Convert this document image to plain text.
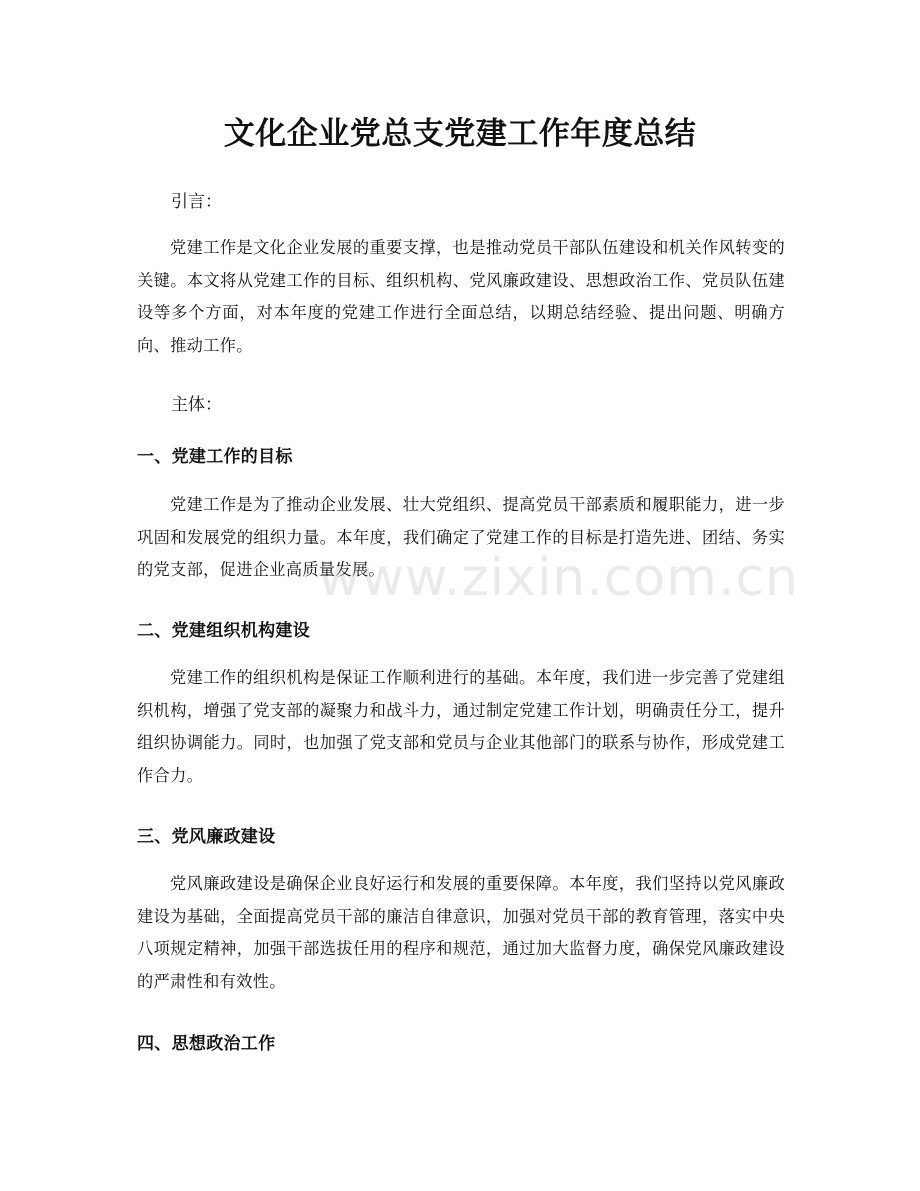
文化企业党总支党建工作年度总结

引言：

党建工作是文化企业发展的重要支撑，也是推动党员干部队伍建设和机关作风转变的关键。本文将从党建工作的目标、组织机构、党风廉政建设、思想政治工作、党员队伍建设等多个方面，对本年度的党建工作进行全面总结，以期总结经验、提出问题、明确方向、推动工作。

主体：

一、党建工作的目标

党建工作是为了推动企业发展、壮大党组织、提高党员干部素质和履职能力，进一步巩固和发展党的组织力量。本年度，我们确定了党建工作的目标是打造先进、团结、务实的党支部，促进企业高质量发展。

二、党建组织机构建设

党建工作的组织机构是保证工作顺利进行的基础。本年度，我们进一步完善了党建组织机构，增强了党支部的凝聚力和战斗力，通过制定党建工作计划，明确责任分工，提升组织协调能力。同时，也加强了党支部和党员与企业其他部门的联系与协作，形成党建工作合力。

三、党风廉政建设

党风廉政建设是确保企业良好运行和发展的重要保障。本年度，我们坚持以党风廉政建设为基础，全面提高党员干部的廉洁自律意识，加强对党员干部的教育管理，落实中央八项规定精神，加强干部选拔任用的程序和规范，通过加大监督力度，确保党风廉政建设的严肃性和有效性。

四、思想政治工作
www.zixin.com.cn
